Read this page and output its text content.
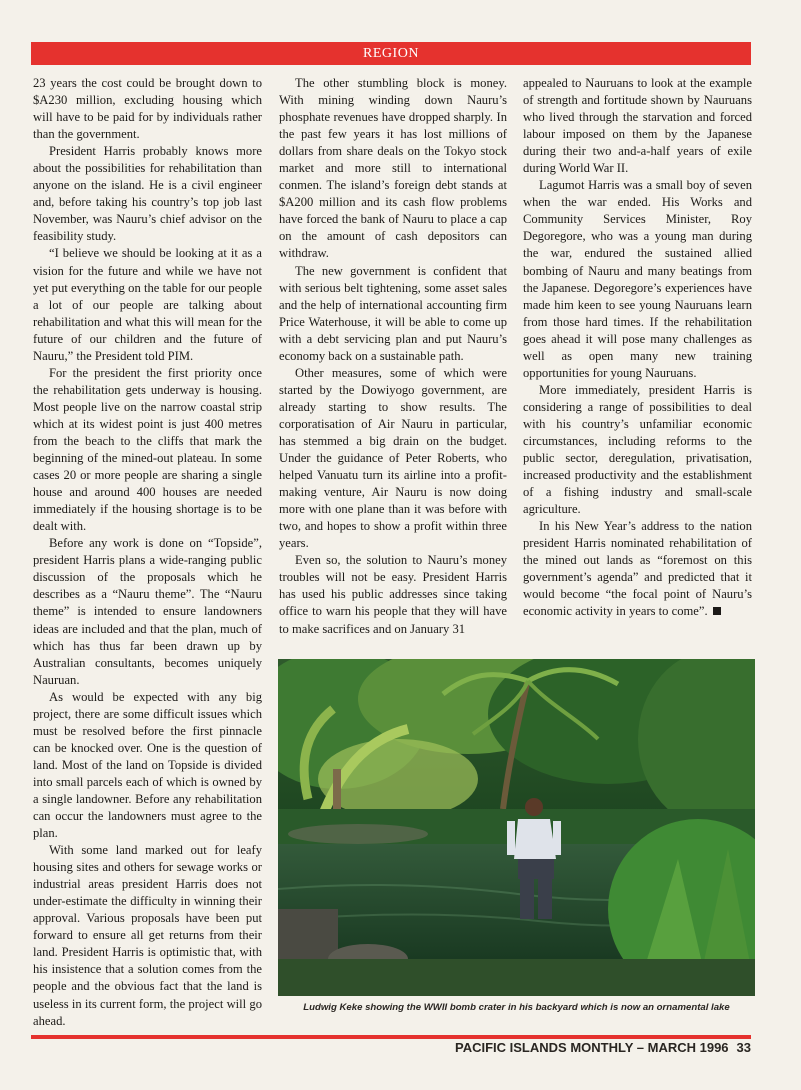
REGION

23 years the cost could be brought down to $A230 million, excluding housing which will have to be paid for by individuals rather than the government.

President Harris probably knows more about the possibilities for rehabilitation than anyone on the island. He is a civil engineer and, before taking his country’s top job last November, was Nauru’s chief advisor on the feasibility study.

“I believe we should be looking at it as a vision for the future and while we have not yet put everything on the table for our people a lot of our people are talking about rehabilitation and what this will mean for the future of our children and the future of Nauru,” the President told PIM.

For the president the first priority once the rehabilitation gets underway is housing. Most people live on the narrow coastal strip which at its widest point is just 400 metres from the beach to the cliffs that mark the beginning of the mined-out plateau. In some cases 20 or more people are sharing a single house and around 400 houses are needed immediately if the housing shortage is to be dealt with.

Before any work is done on “Topside”, president Harris plans a wide-ranging public discussion of the proposals which he describes as a “Nauru theme”. The “Nauru theme” is intended to ensure landowners ideas are included and that the plan, much of which has thus far been drawn up by Australian consultants, becomes uniquely Nauruan.

As would be expected with any big project, there are some difficult issues which must be resolved before the first pinnacle can be knocked over. One is the question of land. Most of the land on Topside is divided into small parcels each of which is owned by a single landowner. Before any rehabilitation can occur the landowners must agree to the plan.

With some land marked out for leafy housing sites and others for sewage works or industrial areas president Harris does not under-estimate the difficulty in winning their approval. Various proposals have been put forward to ensure all get returns from their land. President Harris is optimistic that, with his insistence that a solution comes from the people and the obvious fact that the land is useless in its current form, the project will go ahead.

The other stumbling block is money. With mining winding down Nauru’s phosphate revenues have dropped sharply. In the past few years it has lost millions of dollars from share deals on the Tokyo stock market and more still to international conmen. The island’s foreign debt stands at $A200 million and its cash flow problems have forced the bank of Nauru to place a cap on the amount of cash depositors can withdraw.

The new government is confident that with serious belt tightening, some asset sales and the help of international accounting firm Price Waterhouse, it will be able to come up with a debt servicing plan and put Nauru’s economy back on a sustainable path.

Other measures, some of which were started by the Dowiyogo government, are already starting to show results. The corporatisation of Air Nauru in particular, has stemmed a big drain on the budget. Under the guidance of Peter Roberts, who helped Vanuatu turn its airline into a profit-making venture, Air Nauru is now doing more with one plane than it was before with two, and hopes to show a profit within three years.

Even so, the solution to Nauru’s money troubles will not be easy. President Harris has used his public addresses since taking office to warn his people that they will have to make sacrifices and on January 31

appealed to Nauruans to look at the example of strength and fortitude shown by Nauruans who lived through the starvation and forced labour imposed on them by the Japanese during their two and-a-half years of exile during World War II.

Lagumot Harris was a small boy of seven when the war ended. His Works and Community Services Minister, Roy Degoregore, who was a young man during the war, endured the sustained allied bombing of Nauru and many beatings from the Japanese. Degoregore’s experiences have made him keen to see young Nauruans learn from those hard times. If the rehabilitation goes ahead it will pose many challenges as well as open many new training opportunities for young Nauruans.

More immediately, president Harris is considering a range of possibilities to deal with his country’s unfamiliar economic circumstances, including reforms to the public sector, deregulation, privatisation, increased productivity and the establishment of a fishing industry and small-scale agriculture.

In his New Year’s address to the nation president Harris nominated rehabilitation of the mined out lands as “foremost on this government’s agenda” and predicted that it would become “the focal point of Nauru’s economic activity in years to come”.

Ludwig Keke showing the WWII bomb crater in his backyard which is now an ornamental lake
PACIFIC ISLANDS MONTHLY – MARCH 1996 33
